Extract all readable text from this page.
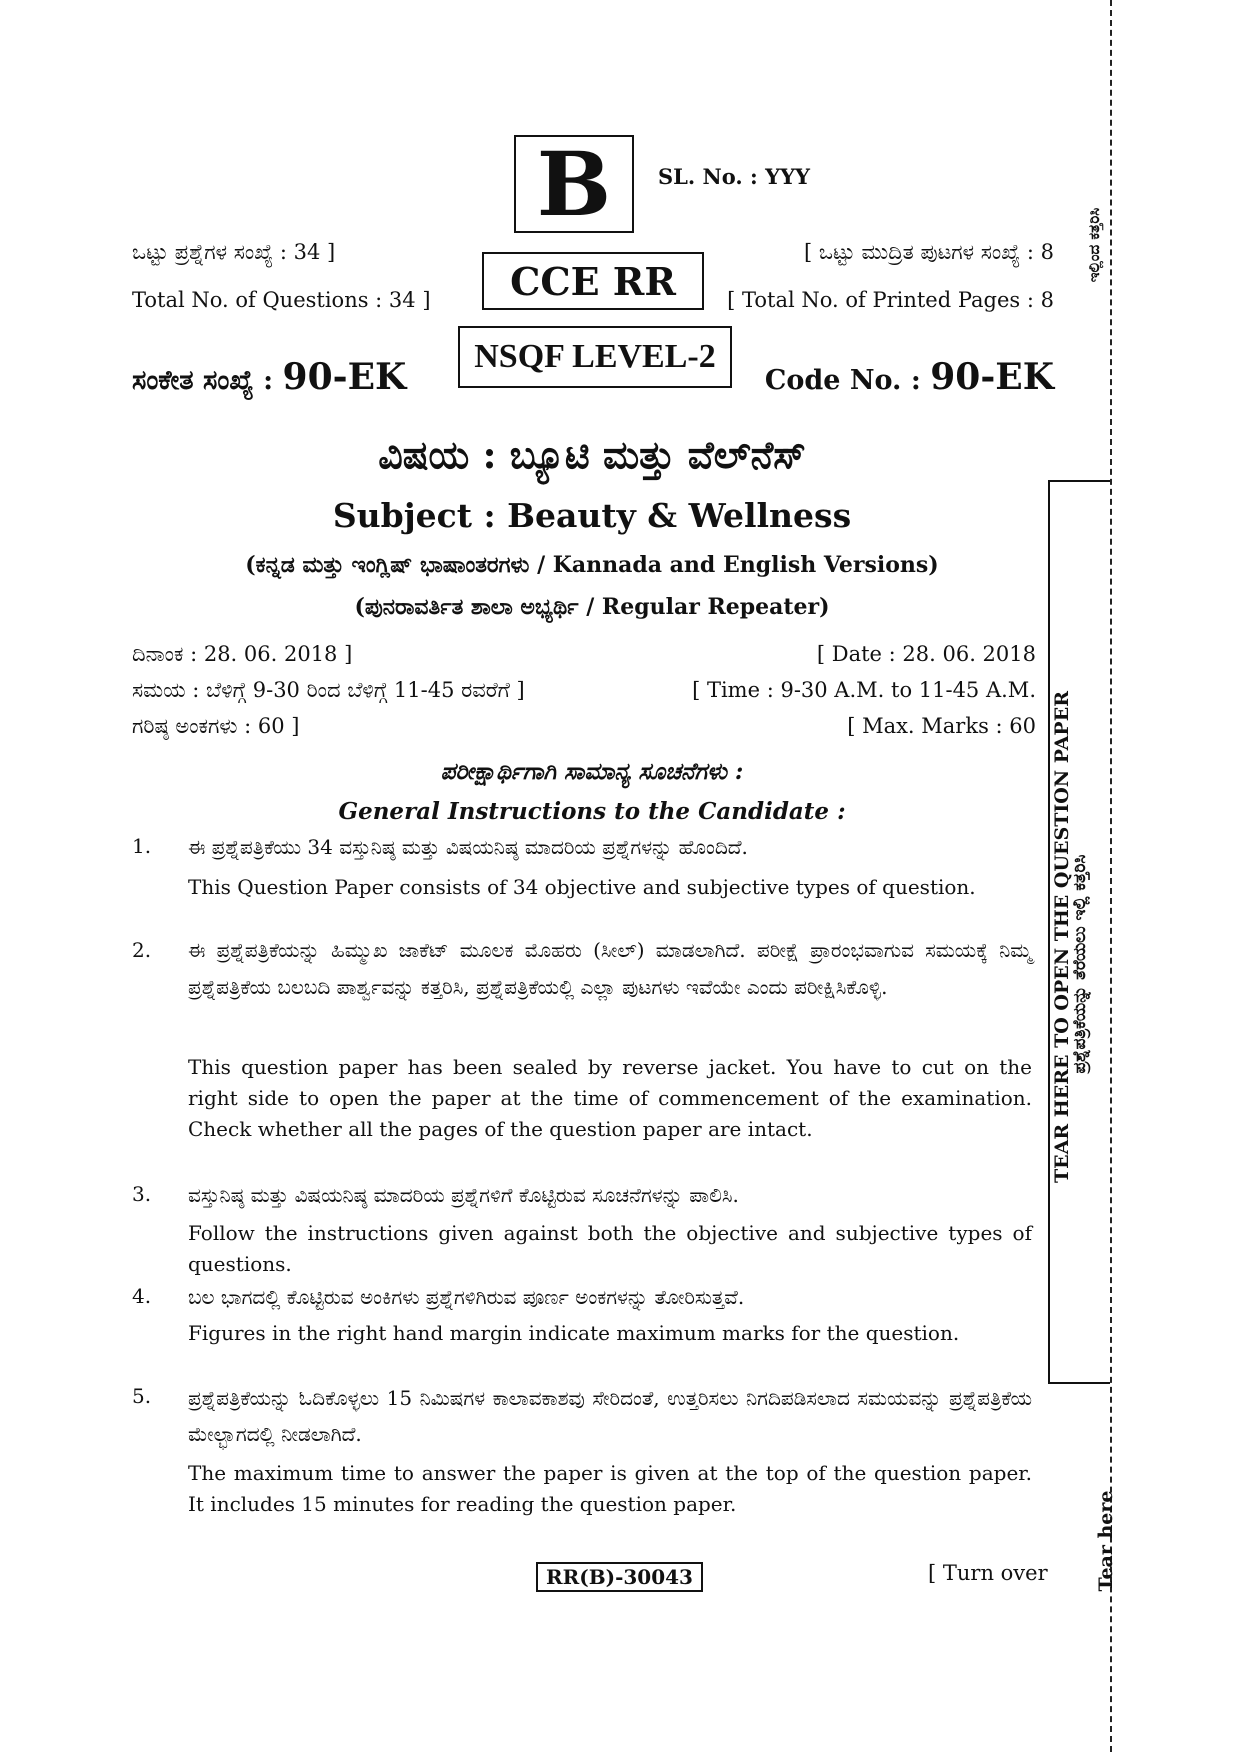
B SL. No. : YYY
ಒಟ್ಟು ಪ್ರಶ್ನೆಗಳ ಸಂಖ್ಯೆ : 34 ]
Total No. of Questions : 34 ]
[ ಒಟ್ಟು ಮುದ್ರಿತ ಪುಟಗಳ ಸಂಖ್ಯೆ : 8
[ Total No. of Printed Pages : 8
CCE RR
NSQF LEVEL-2
ಸಂಕೇತ ಸಂಖ್ಯೆ : 90-EK	Code No. : 90-EK
ವಿಷಯ : ಬ್ಯೂಟಿ ಮತ್ತು ವೆಲ್‌ನೆಸ್
Subject : Beauty & Wellness
(ಕನ್ನಡ ಮತ್ತು ಇಂಗ್ಲಿಷ್ ಭಾಷಾಂತರಗಳು / Kannada and English Versions)
(ಪುನರಾವರ್ತಿತ ಶಾಲಾ ಅಭ್ಯರ್ಥಿ / Regular Repeater)
ದಿನಾಂಕ : 28. 06. 2018 ]	[ Date : 28. 06. 2018
ಸಮಯ : ಬೆಳಿಗ್ಗೆ 9-30 ರಿಂದ ಬೆಳಿಗ್ಗೆ 11-45 ರವರೆಗೆ ]	[ Time : 9-30 A.M. to 11-45 A.M.
ಗರಿಷ್ಠ ಅಂಕಗಳು : 60 ]	[ Max. Marks : 60
ಪರೀಕ್ಷಾರ್ಥಿಗಾಗಿ ಸಾಮಾನ್ಯ ಸೂಚನೆಗಳು :
General Instructions to the Candidate :
1. ಈ ಪ್ರಶ್ನೆಪತ್ರಿಕೆಯು 34 ವಸ್ತುನಿಷ್ಠ ಮತ್ತು ವಿಷಯನಿಷ್ಠ ಮಾದರಿಯ ಪ್ರಶ್ನೆಗಳನ್ನು ಹೊಂದಿದೆ.
This Question Paper consists of 34 objective and subjective types of question.
2. ಈ ಪ್ರಶ್ನೆಪತ್ರಿಕೆಯನ್ನು ಹಿಮ್ಮುಖ ಜಾಕೆಟ್ ಮೂಲಕ ಮೊಹರು (ಸೀಲ್) ಮಾಡಲಾಗಿದೆ. ಪರೀಕ್ಷೆ ಪ್ರಾರಂಭವಾಗುವ ಸಮಯಕ್ಕೆ ನಿಮ್ಮ ಪ್ರಶ್ನೆಪತ್ರಿಕೆಯ ಬಲಬದಿ ಪಾರ್ಶ್ವವನ್ನು ಕತ್ತರಿಸಿ, ಪ್ರಶ್ನೆಪತ್ರಿಕೆಯಲ್ಲಿ ಎಲ್ಲಾ ಪುಟಗಳು ಇವೆಯೇ ಎಂದು ಪರೀಕ್ಷಿಸಿಕೊಳ್ಳಿ.
This question paper has been sealed by reverse jacket. You have to cut on the right side to open the paper at the time of commencement of the examination. Check whether all the pages of the question paper are intact.
3. ವಸ್ತುನಿಷ್ಠ ಮತ್ತು ವಿಷಯನಿಷ್ಠ ಮಾದರಿಯ ಪ್ರಶ್ನೆಗಳಿಗೆ ಕೊಟ್ಟಿರುವ ಸೂಚನೆಗಳನ್ನು ಪಾಲಿಸಿ.
Follow the instructions given against both the objective and subjective types of questions.
4. ಬಲ ಭಾಗದಲ್ಲಿ ಕೊಟ್ಟಿರುವ ಅಂಕಿಗಳು ಪ್ರಶ್ನೆಗಳಿಗಿರುವ ಪೂರ್ಣ ಅಂಕಗಳನ್ನು ತೋರಿಸುತ್ತವೆ.
Figures in the right hand margin indicate maximum marks for the question.
5. ಪ್ರಶ್ನೆಪತ್ರಿಕೆಯನ್ನು ಓದಿಕೊಳ್ಳಲು 15 ನಿಮಿಷಗಳ ಕಾಲಾವಕಾಶವು ಸೇರಿದಂತೆ, ಉತ್ತರಿಸಲು ನಿಗದಿಪಡಿಸಲಾದ ಸಮಯವನ್ನು ಪ್ರಶ್ನೆಪತ್ರಿಕೆಯ ಮೇಲ್ಭಾಗದಲ್ಲಿ ನೀಡಲಾಗಿದೆ.
The maximum time to answer the paper is given at the top of the question paper. It includes 15 minutes for reading the question paper.
RR(B)-30043	[ Turn over
TEAR HERE TO OPEN THE QUESTION PAPER
ಪ್ರಶ್ನೆಪತ್ರಿಕೆಯನ್ನು ತೆರೆಯಲು ಇಲ್ಲಿ ಕತ್ತರಿಸಿ
ಇಲ್ಲಿಂದ ಕತ್ತರಿಸಿ
Tear here
